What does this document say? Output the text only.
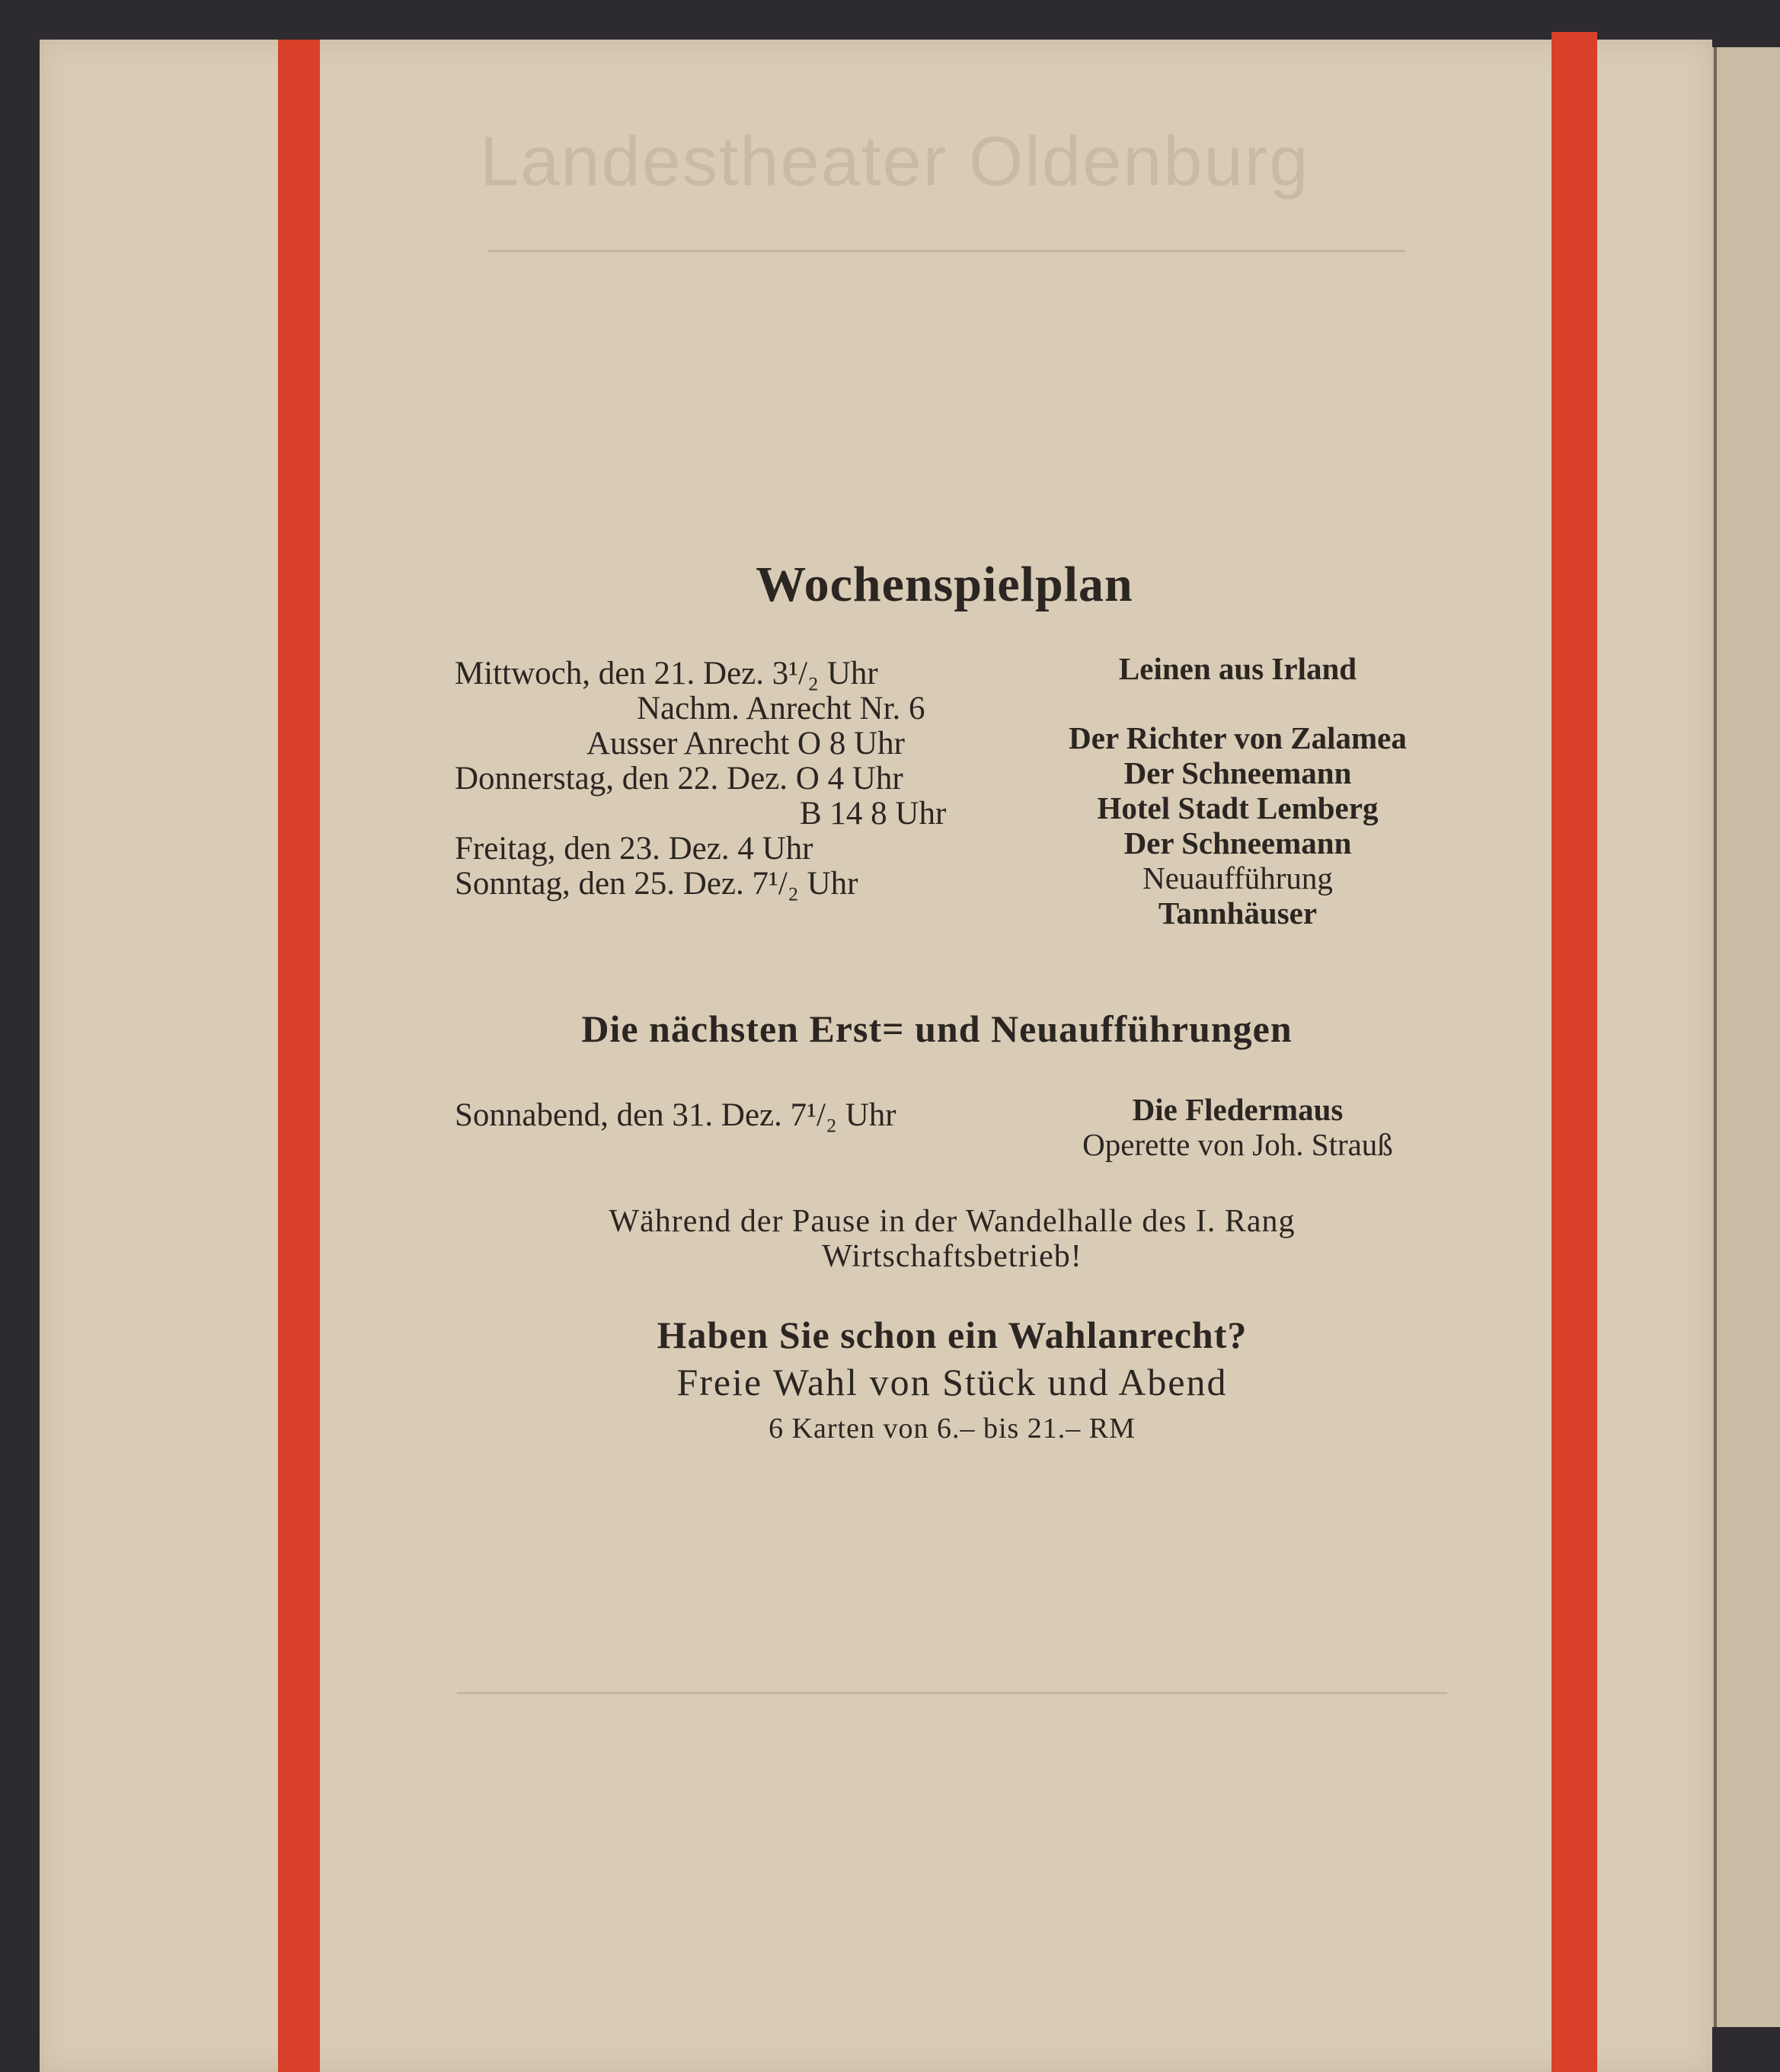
Landestheater Oldenburg
Wochenspielplan
Mittwoch, den 21. Dez. 3¹/₂ Uhr	Leinen aus Irland
Nachm. Anrecht Nr. 6
Ausser Anrecht O 8 Uhr	Der Richter von Zalamea
Donnerstag, den 22. Dez. O 4 Uhr	Der Schneemann
B 14 8 Uhr	Hotel Stadt Lemberg
Freitag, den 23. Dez. 4 Uhr	Der Schneemann
Sonntag, den 25. Dez. 7¹/₂ Uhr	Neuaufführung
Tannhäuser
Die nächsten Erst= und Neuaufführungen
Sonnabend, den 31. Dez. 7¹/₂ Uhr	Die Fledermaus
Operette von Joh. Strauß
Während der Pause in der Wandelhalle des I. Rang
Wirtschaftsbetrieb!
Haben Sie schon ein Wahlanrecht?
Freie Wahl von Stück und Abend
6 Karten von 6.– bis 21.– RM
